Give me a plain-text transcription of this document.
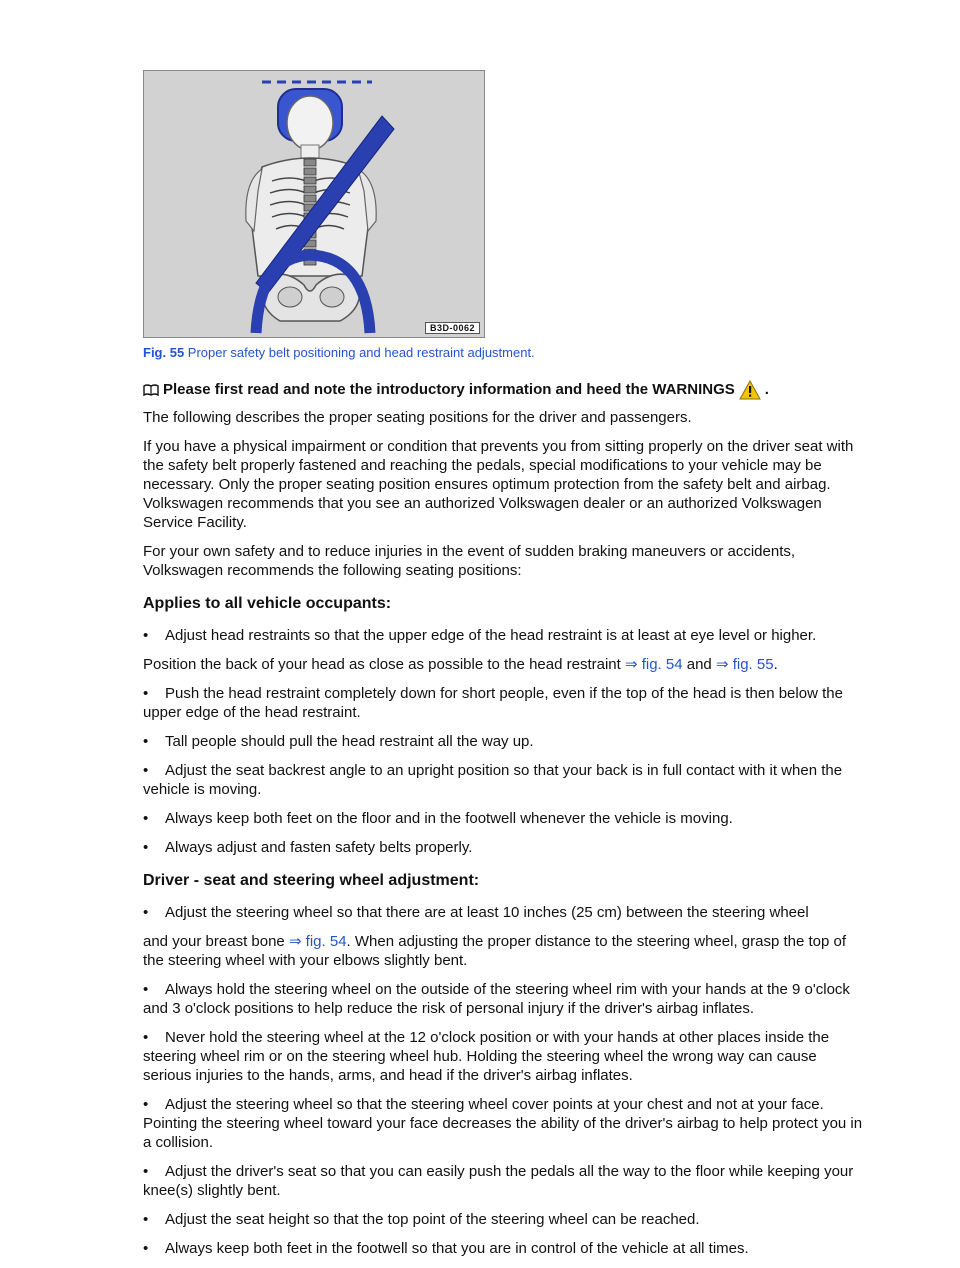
B3D-0062
Fig. 55 Proper safety belt positioning and head restraint adjustment.
Please first read and note the introductory information and heed the WARNINGS .

The following describes the proper seating positions for the driver and passengers.

If you have a physical impairment or condition that prevents you from sitting properly on the driver seat with the safety belt properly fastened and reaching the pedals, special modifications to your vehicle may be necessary. Only the proper seating position ensures optimum protection from the safety belt and airbag. Volkswagen recommends that you see an authorized Volkswagen dealer or an authorized Volkswagen Service Facility.

For your own safety and to reduce injuries in the event of sudden braking maneuvers or accidents, Volkswagen recommends the following seating positions:

Applies to all vehicle occupants:
• Adjust head restraints so that the upper edge of the head restraint is at least at eye level or higher.

Position the back of your head as close as possible to the head restraint ⇒ fig. 54 and ⇒ fig. 55.

• Push the head restraint completely down for short people, even if the top of the head is then below the upper edge of the head restraint.
• Tall people should pull the head restraint all the way up.
• Adjust the seat backrest angle to an upright position so that your back is in full contact with it when the vehicle is moving.
• Always keep both feet on the floor and in the footwell whenever the vehicle is moving.
• Always adjust and fasten safety belts properly.
Driver - seat and steering wheel adjustment:
• Adjust the steering wheel so that there are at least 10 inches (25 cm) between the steering wheel

and your breast bone ⇒ fig. 54. When adjusting the proper distance to the steering wheel, grasp the top of the steering wheel with your elbows slightly bent.

• Always hold the steering wheel on the outside of the steering wheel rim with your hands at the 9 o'clock and 3 o'clock positions to help reduce the risk of personal injury if the driver's airbag inflates.
• Never hold the steering wheel at the 12 o'clock position or with your hands at other places inside the steering wheel rim or on the steering wheel hub. Holding the steering wheel the wrong way can cause serious injuries to the hands, arms, and head if the driver's airbag inflates.
• Adjust the steering wheel so that the steering wheel cover points at your chest and not at your face. Pointing the steering wheel toward your face decreases the ability of the driver's airbag to help protect you in a collision.
• Adjust the driver's seat so that you can easily push the pedals all the way to the floor while keeping your knee(s) slightly bent.
• Adjust the seat height so that the top point of the steering wheel can be reached.
• Always keep both feet in the footwell so that you are in control of the vehicle at all times.
